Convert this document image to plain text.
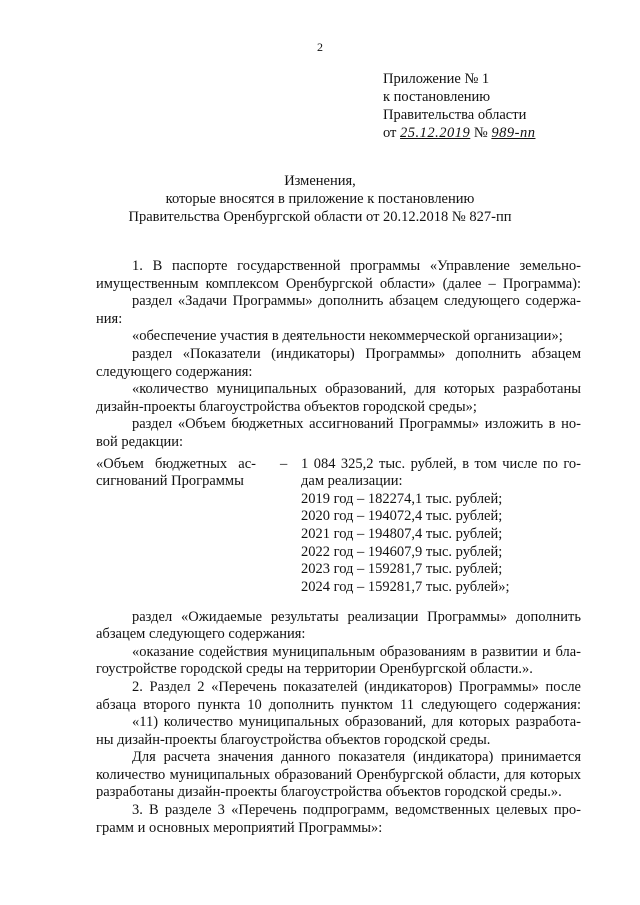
2
Приложение № 1
к постановлению
Правительства области
от 25.12.2019 № 989-пп
Изменения,
которые вносятся в приложение к постановлению
Правительства Оренбургской области от 20.12.2018 № 827-пп
1. В паспорте государственной программы «Управление земельно-
имущественным комплексом Оренбургской области» (далее – Программа):
раздел «Задачи Программы» дополнить абзацем следующего содержа-
ния:
«обеспечение участия в деятельности некоммерческой организации»;
раздел «Показатели (индикаторы) Программы» дополнить абзацем
следующего содержания:
«количество муниципальных образований, для которых разработаны
дизайн-проекты благоустройства объектов городской среды»;
раздел «Объем бюджетных ассигнований Программы» изложить в но-
вой редакции:
«Объем бюджетных ас-
сигнований Программы
– 1 084 325,2 тыс. рублей, в том числе по го-
дам реализации:
2019 год – 182274,1 тыс. рублей;
2020 год – 194072,4 тыс. рублей;
2021 год – 194807,4 тыс. рублей;
2022 год – 194607,9 тыс. рублей;
2023 год – 159281,7 тыс. рублей;
2024 год – 159281,7 тыс. рублей»;
раздел «Ожидаемые результаты реализации Программы» дополнить
абзацем следующего содержания:
«оказание содействия муниципальным образованиям в развитии и бла-
гоустройстве городской среды на территории Оренбургской области.».
2. Раздел 2 «Перечень показателей (индикаторов) Программы» после
абзаца второго пункта 10 дополнить пунктом 11 следующего содержания:
«11) количество муниципальных образований, для которых разработа-
ны дизайн-проекты благоустройства объектов городской среды.
Для расчета значения данного показателя (индикатора) принимается
количество муниципальных образований Оренбургской области, для которых
разработаны дизайн-проекты благоустройства объектов городской среды.».
3. В разделе 3 «Перечень подпрограмм, ведомственных целевых про-
грамм и основных мероприятий Программы»:
